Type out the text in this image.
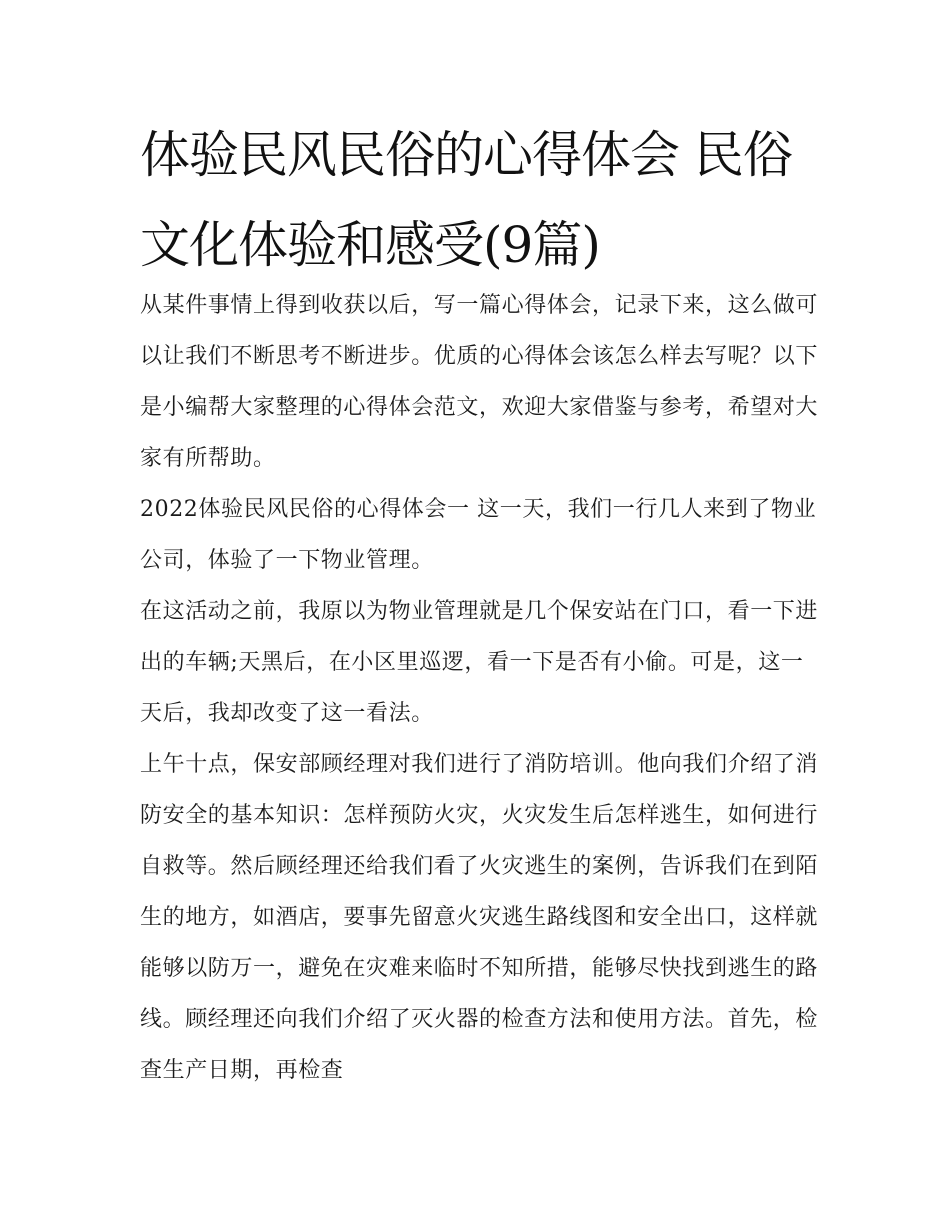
体验民风民俗的心得体会 民俗文化体验和感受(9篇)

从某件事情上得到收获以后，写一篇心得体会，记录下来，这么做可以让我们不断思考不断进步。优质的心得体会该怎么样去写呢？以下是小编帮大家整理的心得体会范文，欢迎大家借鉴与参考，希望对大家有所帮助。

2022体验民风民俗的心得体会一 这一天，我们一行几人来到了物业公司，体验了一下物业管理。

在这活动之前，我原以为物业管理就是几个保安站在门口，看一下进出的车辆;天黑后，在小区里巡逻，看一下是否有小偷。可是，这一天后，我却改变了这一看法。

上午十点，保安部顾经理对我们进行了消防培训。他向我们介绍了消防安全的基本知识：怎样预防火灾，火灾发生后怎样逃生，如何进行自救等。然后顾经理还给我们看了火灾逃生的案例，告诉我们在到陌生的地方，如酒店，要事先留意火灾逃生路线图和安全出口，这样就能够以防万一，避免在灾难来临时不知所措，能够尽快找到逃生的路线。顾经理还向我们介绍了灭火器的检查方法和使用方法。首先，检查生产日期，再检查
